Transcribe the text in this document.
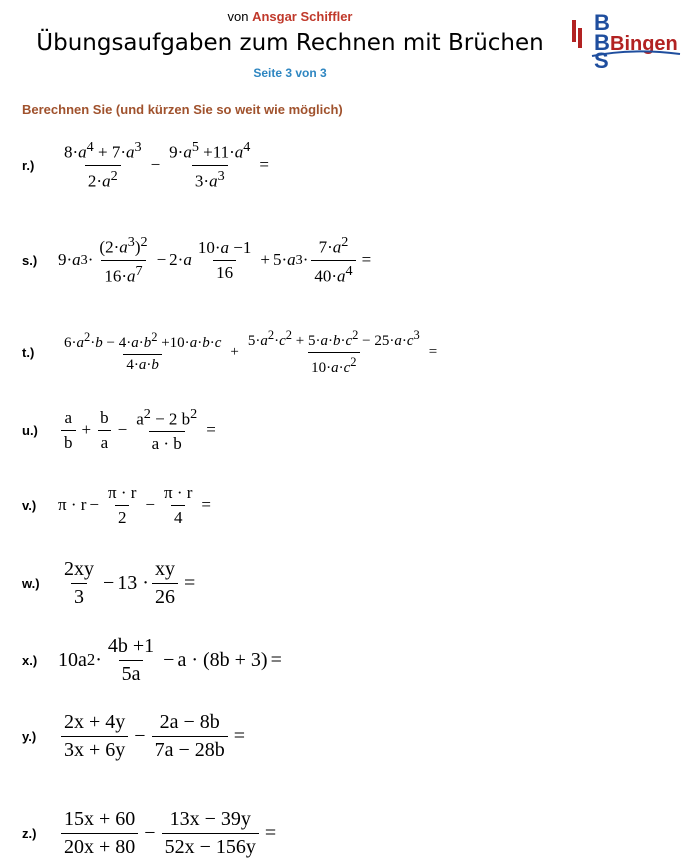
von Ansgar Schiffler
Übungsaufgaben zum Rechnen mit Brüchen
Seite 3 von 3
B
B
S
Bingen
Berechnen Sie (und kürzen Sie so weit wie möglich)
r.)
$8\cdot a^4 + 7\cdot a^3$
$2\cdot a^2$
− $\frac{9\cdot a^5 +11\cdot a^4}{3\cdot a^3}$ =
s.)	9· a 3 ·
$(2\cdot a^3)^2$
$16\cdot a^7$
− 2· a
10·a −1
16
+ 5· a $3 \cdot \frac{7\cdot a^2}{40\cdot a^4}$ =
t.)
$6\cdot a^2\cdot b - 4\cdot a\cdot b^2 +10\cdot a\cdot b\cdot c$
4·a·b
+ $\frac{5\cdot a^2\cdot c^2 + 5\cdot a\cdot b\cdot c^2 - 25\cdot a\cdot c^3}{10\cdot a\cdot c^2}$ =
u.)
a
b
+ $\frac{b}{a} - \frac{a^2 - 2 b^2}{a \cdot b}$ =
v.)	$\pi \cdot r - \frac{\pi \cdot r}{2} - \frac{\pi \cdot r}{4}$ =
w.)
2xy
3
− $13 \cdot \frac{xy}{26}$ =
x.)	10a 2 ·
4b +1
5a
− a · (8b + 3) =
y.)
2x + 4y
3x + 6y
− $\frac{2a - 8b}{7a - 28b}$ =
z.)
15x + 60
20x + 80
− $\frac{13x - 39y}{52x - 156y}$ =
